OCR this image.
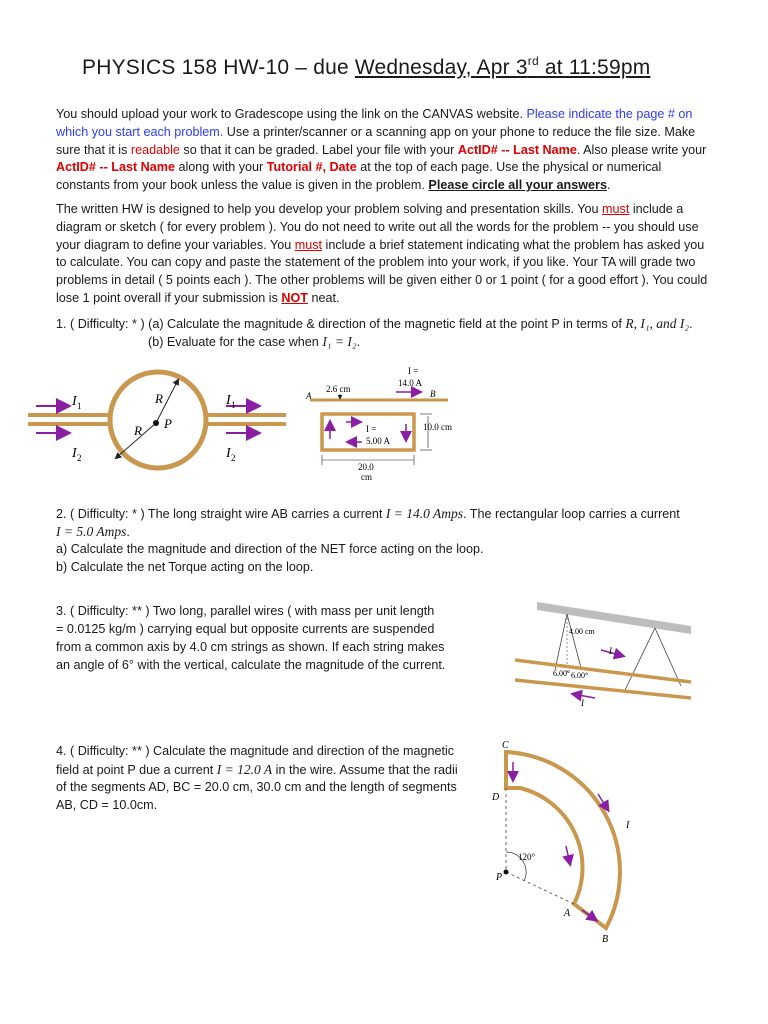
PHYSICS 158 HW-10 – due Wednesday, Apr 3rd at 11:59pm
You should upload your work to Gradescope using the link on the CANVAS website. Please indicate the page # on which you start each problem. Use a printer/scanner or a scanning app on your phone to reduce the file size. Make sure that it is readable so that it can be graded. Label your file with your ActID# -- Last Name. Also please write your ActID# -- Last Name along with your Tutorial #, Date at the top of each page. Use the physical or numerical constants from your book unless the value is given in the problem. Please circle all your answers.
The written HW is designed to help you develop your problem solving and presentation skills. You must include a diagram or sketch ( for every problem ). You do not need to write out all the words for the problem -- you should use your diagram to define your variables. You must include a brief statement indicating what the problem has asked you to calculate. You can copy and paste the statement of the problem into your work, if you like. Your TA will grade two problems in detail ( 5 points each ). The other problems will be given either 0 or 1 point ( for a good effort ). You could lose 1 point overall if your submission is NOT neat.
1. ( Difficulty: * ) (a) Calculate the magnitude & direction of the magnetic field at the point P in terms of R, I₁, and I₂.
(b) Evaluate for the case when I₁ = I₂.
I 1
I 2
I 1
I 2
R
R P
I =
14.0 A
2.6 cm
A	B
I =
5.00 A
10.0 cm
20.0
cm
2. ( Difficulty: * ) The long straight wire AB carries a current I = 14.0 Amps. The rectangular loop carries a current
I = 5.0 Amps.
a) Calculate the magnitude and direction of the NET force acting on the loop.
b) Calculate the net Torque acting on the loop.
3. ( Difficulty: ** ) Two long, parallel wires ( with mass per unit length
= 0.0125 kg/m ) carrying equal but opposite currents are suspended
from a common axis by 4.0 cm strings as shown. If each string makes
an angle of 6° with the vertical, calculate the magnitude of the current.
4.00 cm
6.00° 6.00°
I
I
4. ( Difficulty: ** ) Calculate the magnitude and direction of the magnetic
field at point P due a current I = 12.0 A in the wire. Assume that the radii
of the segments AD, BC = 20.0 cm, 30.0 cm and the length of segments
AB, CD = 10.0cm.
C
D
P
A
B
120°
I
